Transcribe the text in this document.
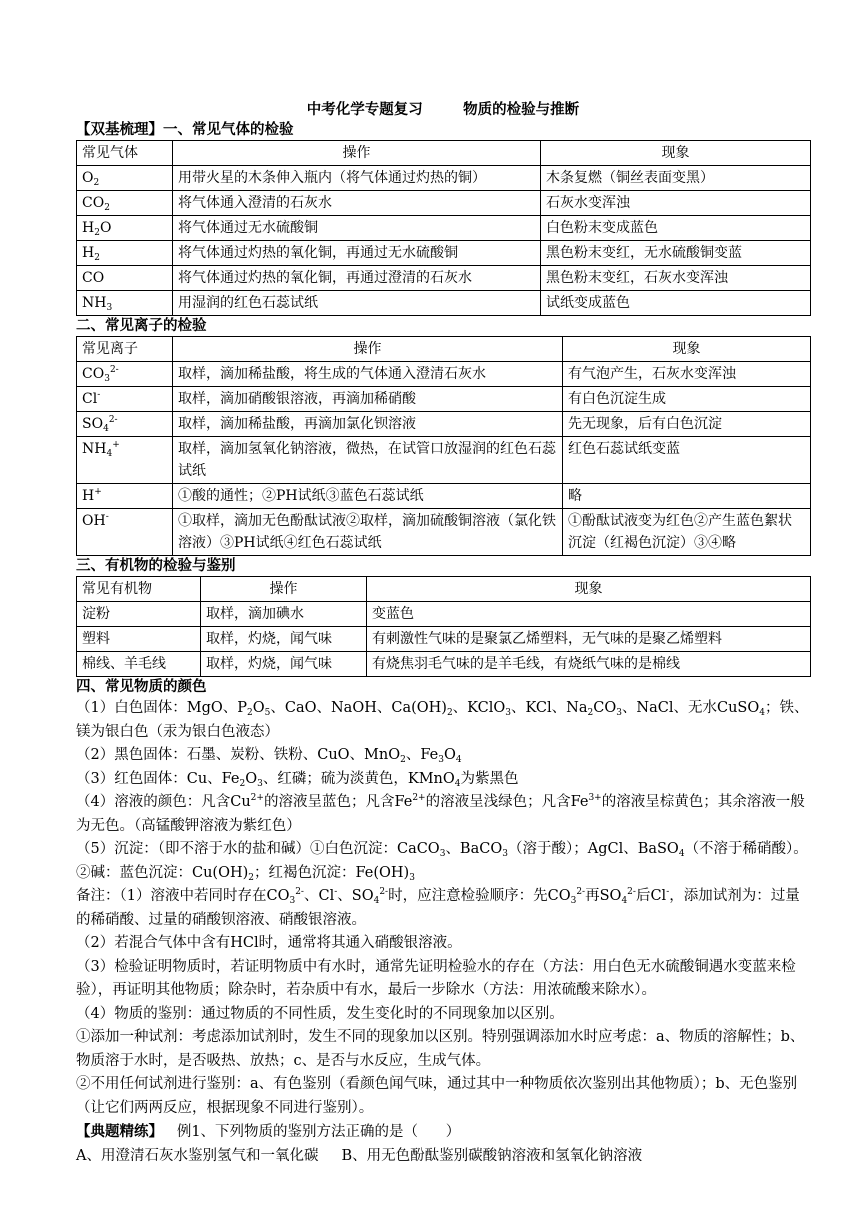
中考化学专题复习        物质的检验与推断
【双基梳理】一、常见气体的检验
常见气体	操作	现象
$O_2$	用带火星的木条伸入瓶内（将气体通过灼热的铜）	木条复燃（铜丝表面变黑）
$CO_2$	将气体通入澄清的石灰水	石灰水变浑浊
$H_2O$	将气体通过无水硫酸铜	白色粉末变成蓝色
$H_2$	将气体通过灼热的氧化铜，再通过无水硫酸铜	黑色粉末变红，无水硫酸铜变蓝
CO	将气体通过灼热的氧化铜，再通过澄清的石灰水	黑色粉末变红，石灰水变浑浊
$NH_3$	用湿润的红色石蕊试纸	试纸变成蓝色
二、常见离子的检验
常见离子	操作	现象
$CO_3^{2-}$	取样，滴加稀盐酸，将生成的气体通入澄清石灰水	有气泡产生，石灰水变浑浊
Cl-	取样，滴加硝酸银溶液，再滴加稀硝酸	有白色沉淀生成
$SO_4^{2-}$	取样，滴加稀盐酸，再滴加氯化钡溶液	先无现象，后有白色沉淀
$NH_4^+$	取样，滴加氢氧化钠溶液，微热，在试管口放湿润的红色石蕊试纸	红色石蕊试纸变蓝
H+	①酸的通性；②PH试纸③蓝色石蕊试纸	略
OH-	①取样，滴加无色酚酞试液②取样，滴加硫酸铜溶液（氯化铁溶液）③PH试纸④红色石蕊试纸	①酚酞试液变为红色②产生蓝色絮状沉淀（红褐色沉淀）③④略
三、有机物的检验与鉴别
常见有机物	操作	现象
淀粉	取样，滴加碘水	变蓝色
塑料	取样，灼烧，闻气味	有刺激性气味的是聚氯乙烯塑料，无气味的是聚乙烯塑料
棉线、羊毛线	取样，灼烧，闻气味	有烧焦羽毛气味的是羊毛线，有烧纸气味的是棉线
四、常见物质的颜色
（1）白色固体：MgO、$P_2O_5$、CaO、NaOH、$Ca(OH)_2$、KClO$_3$、KCl、$Na_2CO_3$、NaCl、无水CuSO$_4$；铁、镁为银白色（汞为银白色液态）
（2）黑色固体：石墨、炭粉、铁粉、CuO、MnO$_2$、$Fe_3O_4$
（3）红色固体：Cu、$Fe_2O_3$、红磷；硫为淡黄色，KMnO$_4$为紫黑色
（4）溶液的颜色：凡含$Cu^{2+}$的溶液呈蓝色；凡含$Fe^{2+}$的溶液呈浅绿色；凡含$Fe^{3+}$的溶液呈棕黄色；其余溶液一般为无色。（高锰酸钾溶液为紫红色）
（5）沉淀：（即不溶于水的盐和碱）①白色沉淀：CaCO$_3$、BaCO$_3$（溶于酸）；AgCl、BaSO$_4$（不溶于稀硝酸）。②碱：蓝色沉淀：$Cu(OH)_2$；红褐色沉淀：$Fe(OH)_3$
备注：（1）溶液中若同时存在$CO_3^{2-}$、Cl-、$SO_4^{2-}$时，应注意检验顺序：先$CO_3^{2-}$再$SO_4^{2-}$后Cl-，添加试剂为：过量的稀硝酸、过量的硝酸钡溶液、硝酸银溶液。
（2）若混合气体中含有HCl时，通常将其通入硝酸银溶液。
（3）检验证明物质时，若证明物质中有水时，通常先证明检验水的存在（方法：用白色无水硫酸铜遇水变蓝来检验），再证明其他物质；除杂时，若杂质中有水，最后一步除水（方法：用浓硫酸来除水）。
（4）物质的鉴别：通过物质的不同性质，发生变化时的不同现象加以区别。
①添加一种试剂：考虑添加试剂时，发生不同的现象加以区别。特别强调添加水时应考虑：a、物质的溶解性；b、物质溶于水时，是否吸热、放热；c、是否与水反应，生成气体。
②不用任何试剂进行鉴别：a、有色鉴别（看颜色闻气味，通过其中一种物质依次鉴别出其他物质）；b、无色鉴别（让它们两两反应，根据现象不同进行鉴别）。
【典题精练】   例1、下列物质的鉴别方法正确的是（      ）
A、用澄清石灰水鉴别氢气和一氧化碳     B、用无色酚酞鉴别碳酸钠溶液和氢氧化钠溶液
